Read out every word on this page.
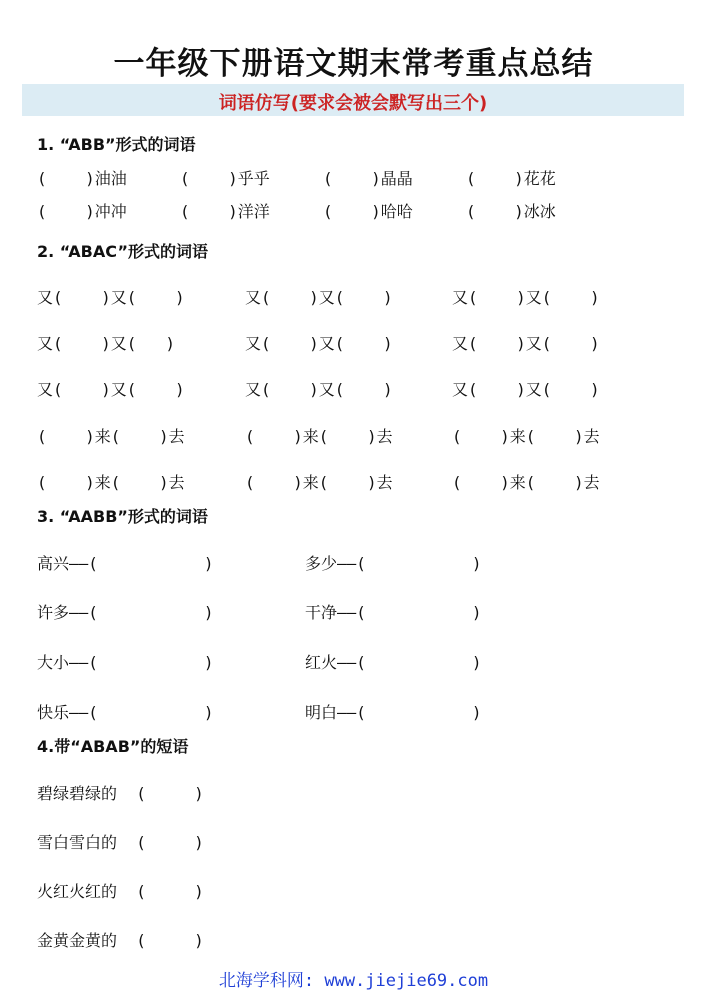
一年级下册语文期末常考重点总结
词语仿写(要求会被会默写出三个)
1. “ABB”形式的词语
(    )油油	(    )乎乎	(    )晶晶	(    )花花
(    )冲冲	(    )洋洋	(    )哈哈	(    )冰冰
2. “ABAC”形式的词语
又(    )又(    )	又(    )又(    )	又(    )又(    )
又(    )又(   )	又(    )又(    )	又(    )又(    )
又(    )又(    )	又(    )又(    )	又(    )又(    )
(    )来(    )去	(    )来(    )去	(    )来(    )去
(    )来(    )去	(    )来(    )去	(    )来(    )去
3. “AABB”形式的词语
高兴——(           )	多少——(           )
许多——(           )	干净——(           )
大小——(           )	红火——(           )
快乐——(           )	明白——(           )
4.带“ABAB”的短语
碧绿碧绿的  (     )
雪白雪白的  (     )
火红火红的  (     )
金黄金黄的  (     )
北海学科网: www.jiejie69.com
